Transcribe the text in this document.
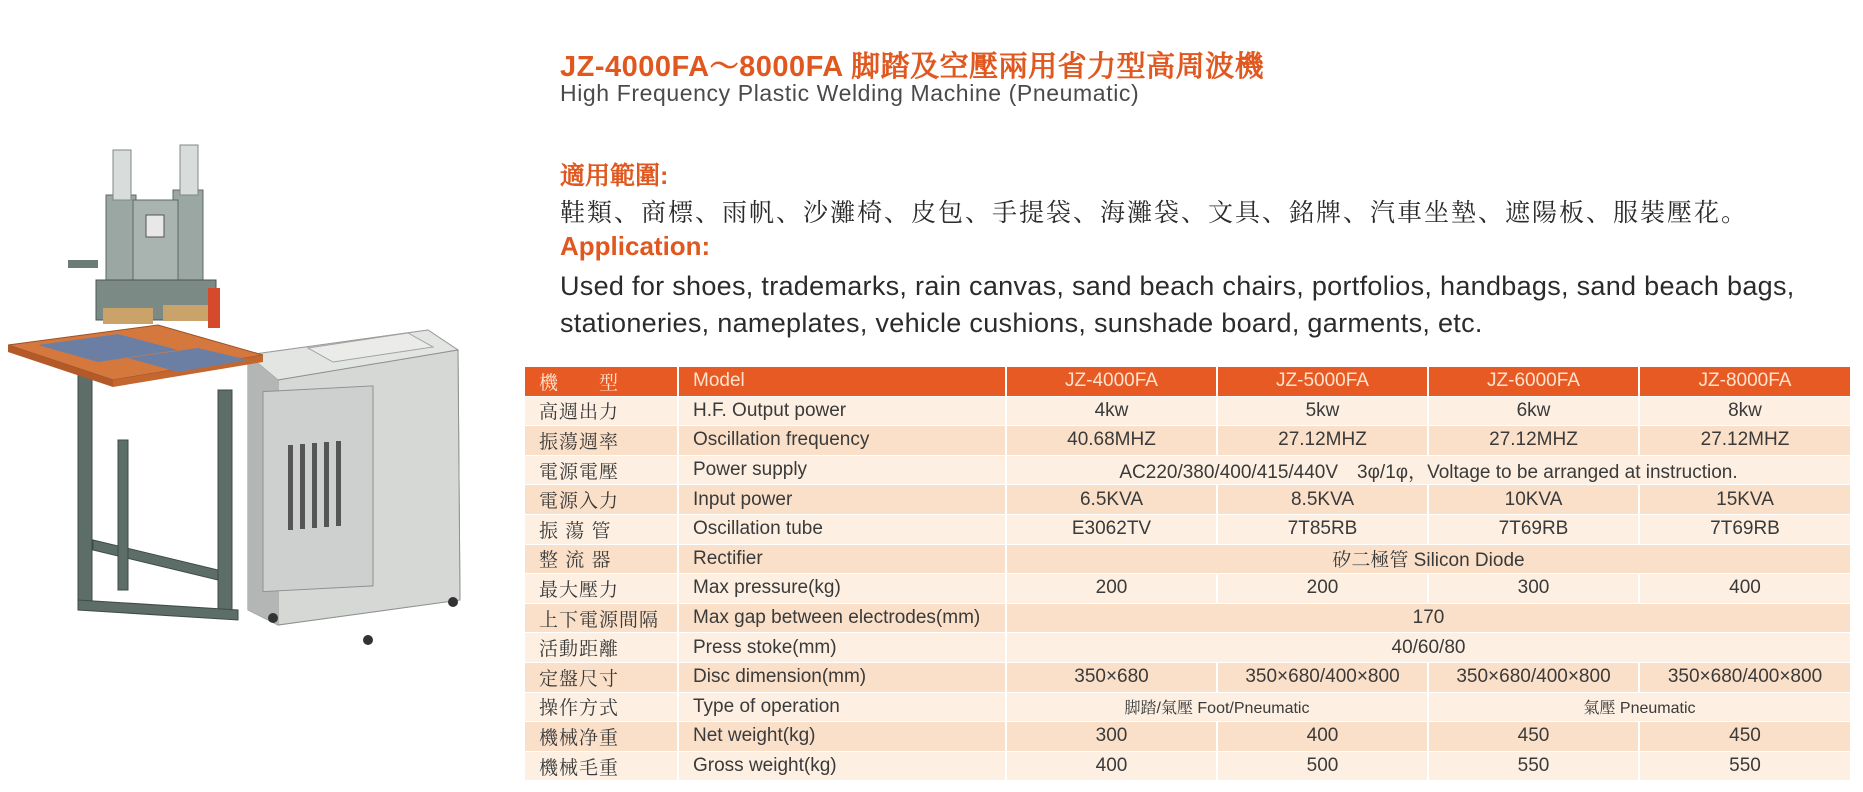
JZ-4000FA～8000FA 脚踏及空壓兩用省力型高周波機
High Frequency Plastic Welding Machine (Pneumatic)
適用範圍:
鞋類、商標、雨帆、沙灘椅、皮包、手提袋、海灘袋、文具、銘牌、汽車坐墊、遮陽板、服裝壓花。
Application:
Used for shoes, trademarks, rain canvas, sand beach chairs, portfolios, handbags, sand beach bags, stationeries, nameplates, vehicle cushions, sunshade board, garments, etc.
機　　型	Model	JZ-4000FA	JZ-5000FA	JZ-6000FA	JZ-8000FA
高週出力	H.F. Output power	4kw	5kw	6kw	8kw
振蕩週率	Oscillation frequency	40.68MHZ	27.12MHZ	27.12MHZ	27.12MHZ
電源電壓	Power supply	AC220/380/400/415/440V　3φ/1φ，Voltage to be arranged at instruction.			
電源入力	Input power	6.5KVA	8.5KVA	10KVA	15KVA
振 蕩 管	Oscillation tube	E3062TV	7T85RB	7T69RB	7T69RB
整 流 器	Rectifier	矽二極管 Silicon Diode			
最大壓力	Max pressure(kg)	200	200	300	400
上下電源間隔	Max gap between electrodes(mm)	170			
活動距離	Press stoke(mm)	40/60/80			
定盤尺寸	Disc dimension(mm)	350×680	350×680/400×800	350×680/400×800	350×680/400×800
操作方式	Type of operation	脚踏/氣壓 Foot/Pneumatic		氣壓 Pneumatic	
機械净重	Net weight(kg)	300	400	450	450
機械毛重	Gross weight(kg)	400	500	550	550
